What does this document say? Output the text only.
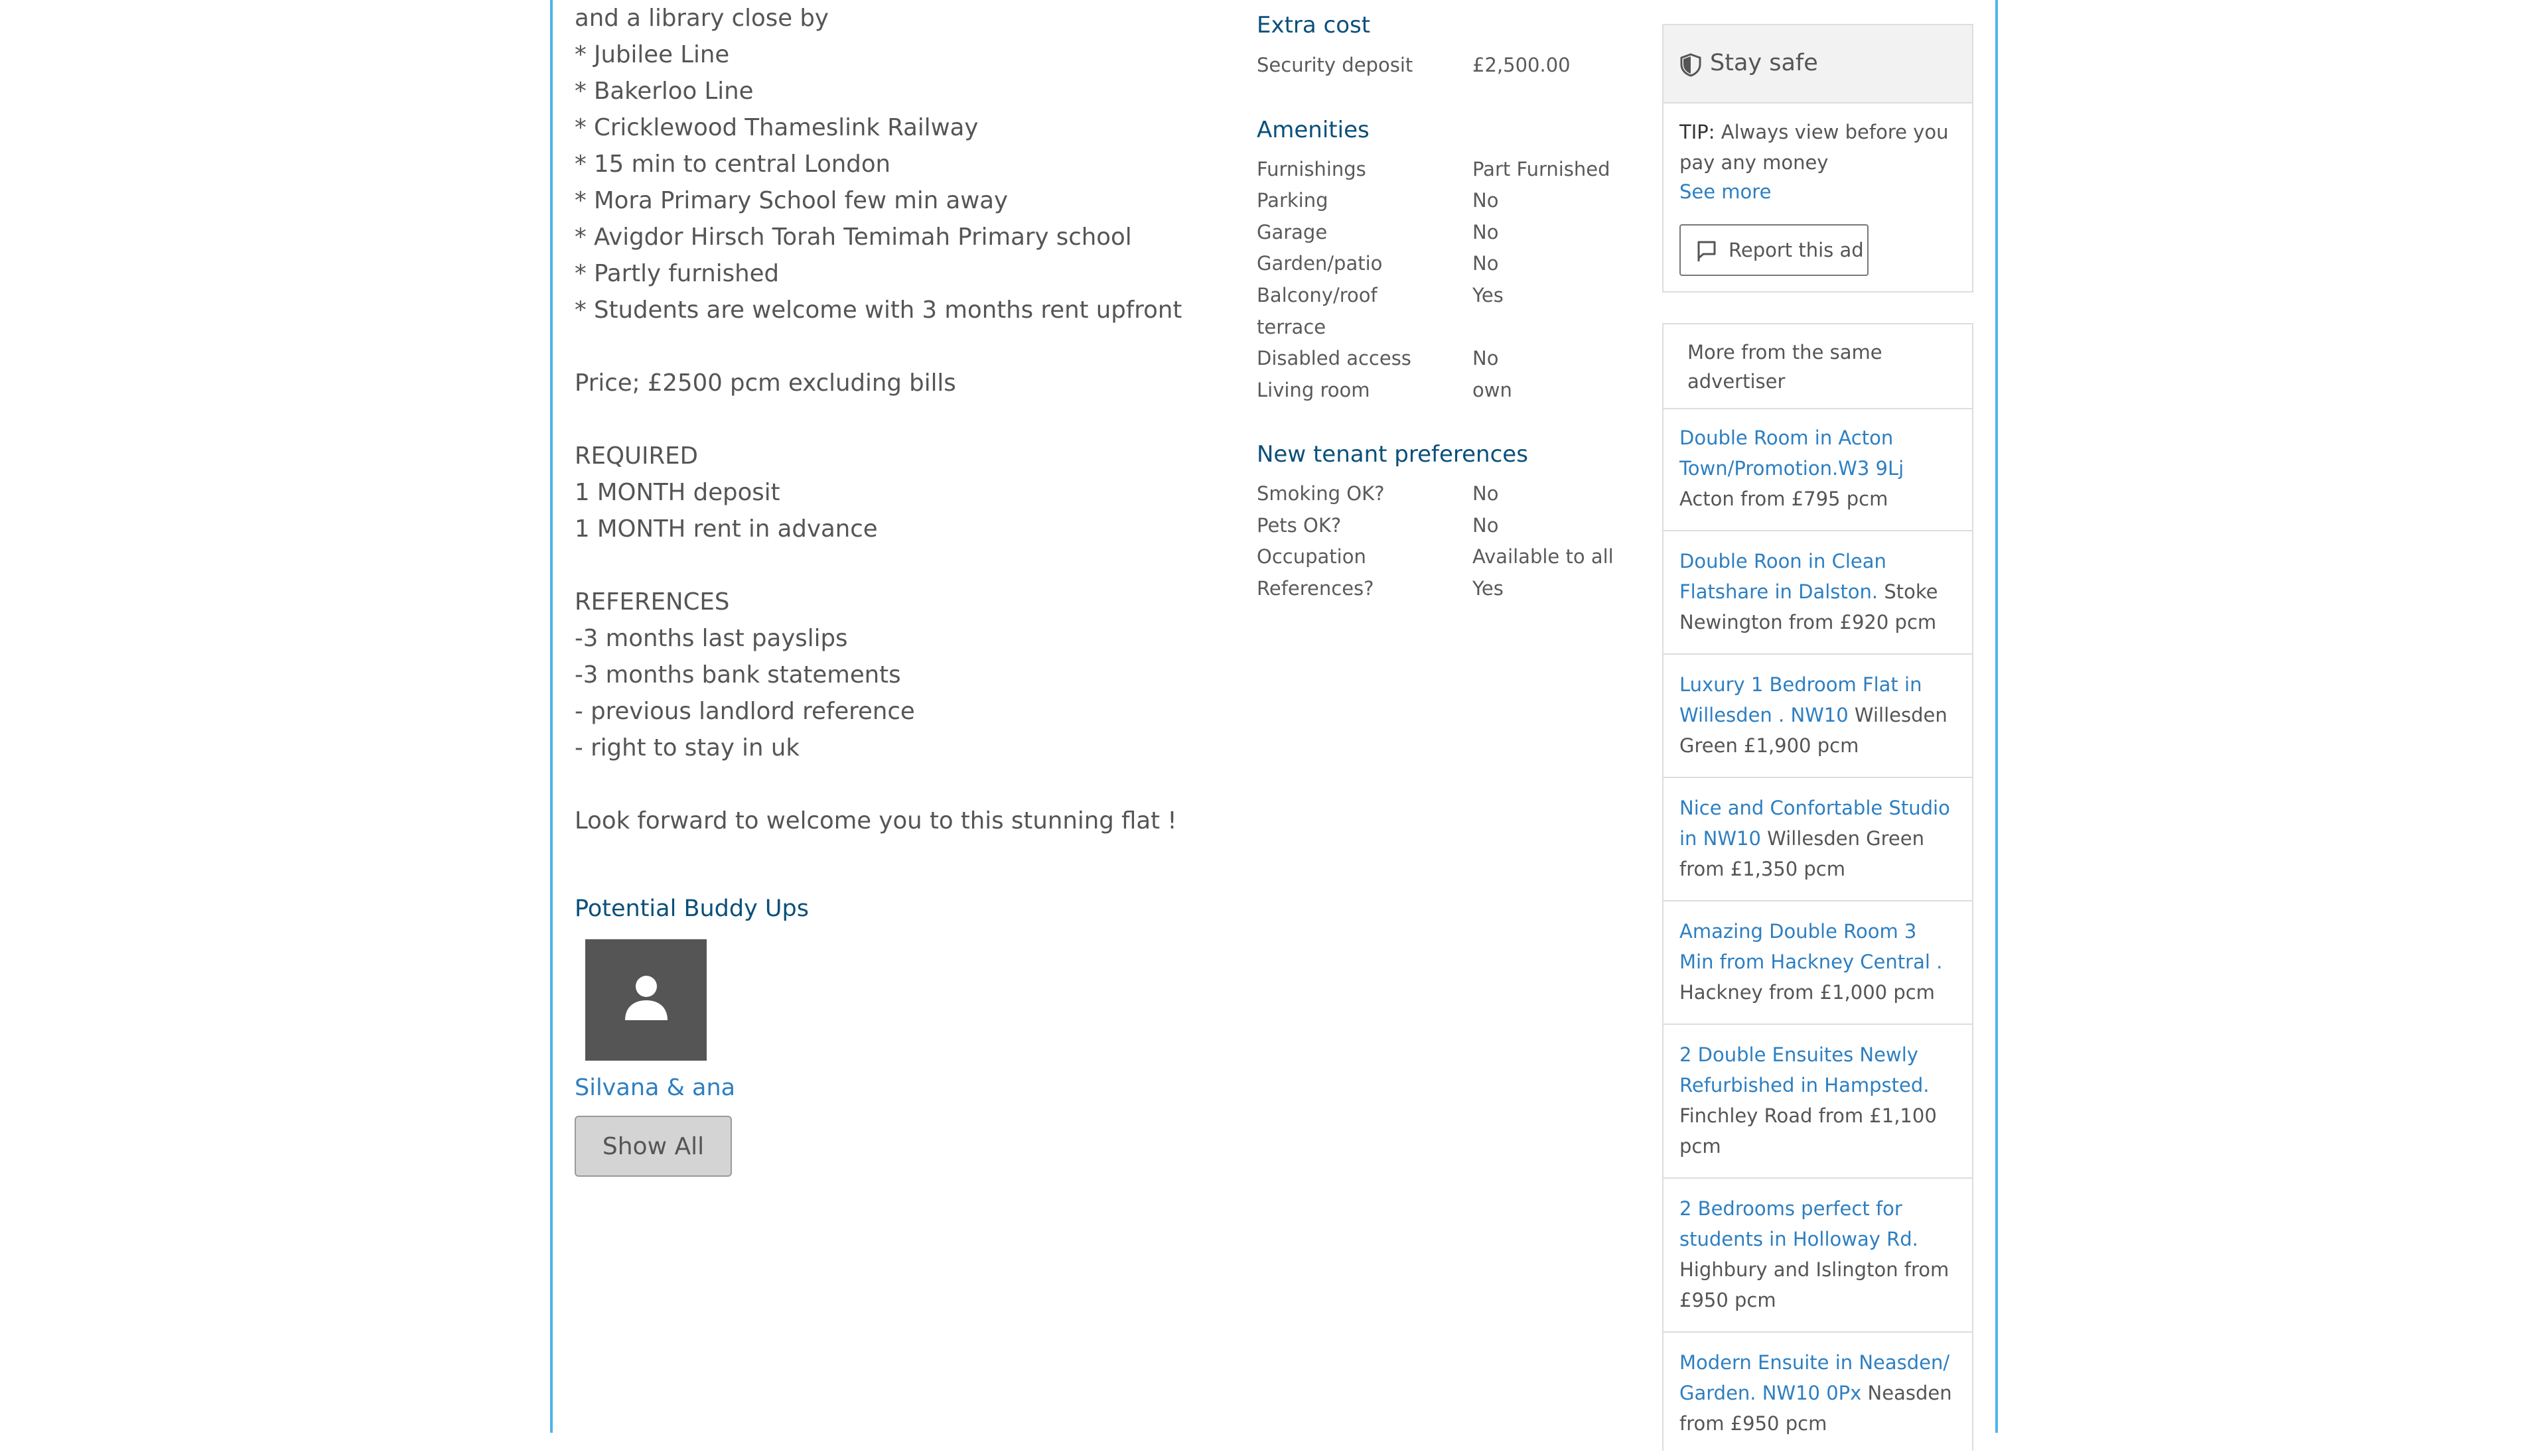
and a library close by
* Jubilee Line
* Bakerloo Line
* Cricklewood Thameslink Railway
* 15 min to central London
* Mora Primary School few min away
* Avigdor Hirsch Torah Temimah Primary school
* Partly furnished
* Students are welcome with 3 months rent upfront
Price; £2500 pcm excluding bills
REQUIRED
1 MONTH deposit
1 MONTH rent in advance
REFERENCES
-3 months last payslips
-3 months bank statements
- previous landlord reference
- right to stay in uk
Look forward to welcome you to this stunning flat !
Potential Buddy Ups
Silvana & ana
Show All
Extra cost
Security deposit	£2,500.00
Amenities
Furnishings	Part Furnished
Parking	No
Garage	No
Garden/patio	No
Balcony/roof	Yes
terrace
Disabled access	No
Living room	own
New tenant preferences
Smoking OK?	No
Pets OK?	No
Occupation	Available to all
References?	Yes
Stay safe
TIP: Always view before you pay any money
See more
Report this ad
More from the same advertiser
Double Room in Acton Town/Promotion.W3 9Lj Acton from £795 pcm
Double Roon in Clean Flatshare in Dalston. Stoke Newington from £920 pcm
Luxury 1 Bedroom Flat in Willesden . NW10 Willesden Green £1,900 pcm
Nice and Confortable Studio in NW10 Willesden Green from £1,350 pcm
Amazing Double Room 3 Min from Hackney Central . Hackney from £1,000 pcm
2 Double Ensuites Newly Refurbished in Hampsted. Finchley Road from £1,100 pcm
2 Bedrooms perfect for students in Holloway Rd. Highbury and Islington from £950 pcm
Modern Ensuite in Neasden/ Garden. NW10 0Px Neasden from £950 pcm
